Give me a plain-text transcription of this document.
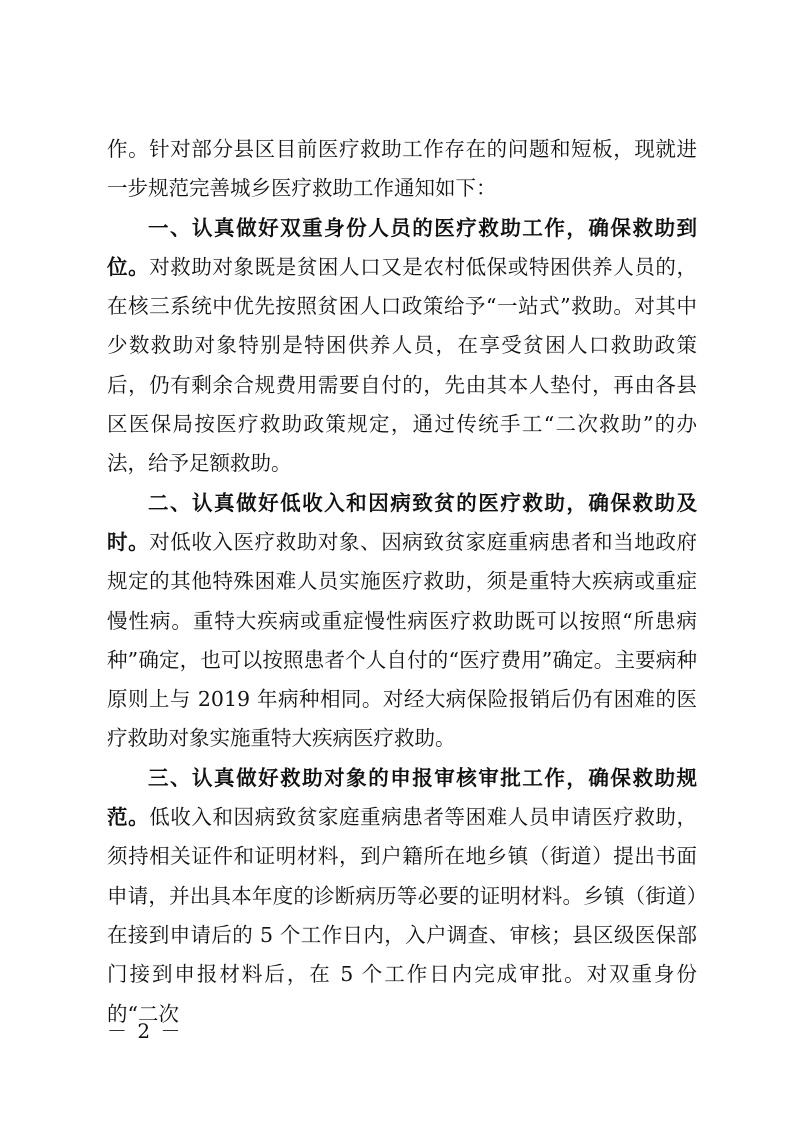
作。针对部分县区目前医疗救助工作存在的问题和短板，现就进一步规范完善城乡医疗救助工作通知如下：

一、认真做好双重身份人员的医疗救助工作，确保救助到位。对救助对象既是贫困人口又是农村低保或特困供养人员的，在核三系统中优先按照贫困人口政策给予“一站式”救助。对其中少数救助对象特别是特困供养人员，在享受贫困人口救助政策后，仍有剩余合规费用需要自付的，先由其本人垫付，再由各县区医保局按医疗救助政策规定，通过传统手工“二次救助”的办法，给予足额救助。

二、认真做好低收入和因病致贫的医疗救助，确保救助及时。对低收入医疗救助对象、因病致贫家庭重病患者和当地政府规定的其他特殊困难人员实施医疗救助，须是重特大疾病或重症慢性病。重特大疾病或重症慢性病医疗救助既可以按照“所患病种”确定，也可以按照患者个人自付的“医疗费用”确定。主要病种原则上与 2019 年病种相同。对经大病保险报销后仍有困难的医疗救助对象实施重特大疾病医疗救助。

三、认真做好救助对象的申报审核审批工作，确保救助规范。低收入和因病致贫家庭重病患者等困难人员申请医疗救助，须持相关证件和证明材料，到户籍所在地乡镇（街道）提出书面申请，并出具本年度的诊断病历等必要的证明材料。乡镇（街道）在接到申请后的 5 个工作日内，入户调查、审核；县区级医保部门接到申报材料后，在 5 个工作日内完成审批。对双重身份的“二次

－ 2 －
